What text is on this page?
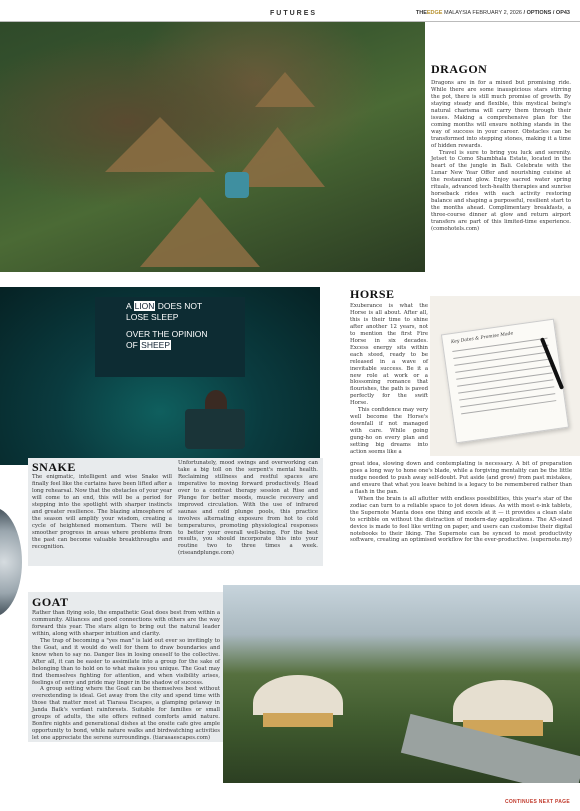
FUTURES	THEEDGE MALAYSIA FEBRUARY 2, 2026 / OPTIONS / OP43
DRAGON

Dragons are in for a mixed but promising ride. While there are some inauspicious stars stirring the pot, there is still much promise of growth. By staying steady and flexible, this mystical being's natural charisma will carry them through their issues. Making a comprehensive plan for the coming months will ensure nothing stands in the way of success in your career. Obstacles can be transformed into stepping stones, making it a time of hidden rewards.

Travel is sure to bring you luck and serenity. Jetset to Como Shambhala Estate, located in the heart of the jungle in Bali. Celebrate with the Lunar New Year Offer and nourishing cuisine at the restaurant glow. Enjoy sacred water spring rituals, advanced tech-health therapies and sunrise horseback rides with each activity restoring balance and shaping a purposeful, resilient start to the months ahead. Complimentary breakfasts, a three-course dinner at glow and return airport transfers are part of this limited-time experience. (comohotels.com)

A LION DOES NOT
LOSE SLEEP
OVER THE OPINION
OF SHEEP
SNAKE
The enigmatic, intelligent and wise Snake will finally feel like the curtains have been lifted after a long rehearsal. Now that the obstacles of your year will come to an end, this will be a period for stepping into the spotlight with sharper instincts and greater resilience. The blazing atmosphere of the season will amplify your wisdom, creating a cycle of heightened momentum. There will be smoother progress in areas where problems from the past can become valuable breakthroughs and recognition.
Unfortunately, mood swings and overworking can take a big toll on the serpent's mental health. Reclaiming stillness and restful spaces are imperative to moving forward productively. Head over to a contrast therapy session at Rise and Plunge for better moods, muscle recovery and improved circulation. With the use of infrared saunas and cold plunge pools, this practice involves alternating exposure from hot to cold temperatures, promoting physiological responses to better your overall well-being. For the best results, you should incorporate this into your routine two to three times a week. (riseandplunge.com)
HORSE
Key Dates & Promise Made

Exuberance is what the Horse is all about. After all, this is their time to shine after another 12 years, not to mention the first Fire Horse in six decades. Excess energy sits within each steed, ready to be released in a wave of inevitable success. Be it a new role at work or a blossoming romance that flourishes, the path is paved perfectly for the swift Horse.

This confidence may very well become the Horse's downfall if not managed with care. While going gung-ho on every plan and setting big dreams into action seems like a

great idea, slowing down and contemplating is necessary. A bit of preparation goes a long way to hone one's blade, while a forgiving mentality can be the little nudge needed to push away self-doubt. Put aside (and grow) from past mistakes, and ensure that what you leave behind is a legacy to be remembered rather than a flash in the pan.

When the brain is all aflutter with endless possibilities, this year's star of the zodiac can turn to a reliable space to jot down ideas. As with most e-ink tablets, the Supernote Manta does one thing and excels at it — it provides a clean slate to scribble on without the distraction of modern-day applications. The A5-sized device is made to feel like writing on paper, and users can customise their digital notebooks to their liking. The Supernote can be synced to most productivity software, creating an optimised workflow for the ever-productive. (supernote.my)

GOAT

Rather than flying solo, the empathetic Goat does best from within a community. Alliances and good connections with others are the way forward this year. The stars align to bring out the natural leader within, along with sharper intuition and clarity.

The trap of becoming a "yes man" is laid out ever so invitingly to the Goat, and it would do well for them to draw boundaries and know when to say no. Danger lies in losing oneself to the collective. After all, it can be easier to assimilate into a group for the sake of belonging than to hold on to what makes you unique. The Goat may find themselves fighting for attention, and when visibility arises, feelings of envy and pride may linger in the shadow of success.

A group setting where the Goat can be themselves best without overextending is ideal. Get away from the city and spend time with those that matter most at Tiarasa Escapes, a glamping getaway in Janda Baik's verdant rainforests. Suitable for families or small groups of adults, the site offers refined comforts amid nature. Bonfire nights and generational dishes at the onsite cafe give ample opportunity to bond, while nature walks and birdwatching activities let one appreciate the serene surroundings. (tiarasaescapes.com)

CONTINUES NEXT PAGE
